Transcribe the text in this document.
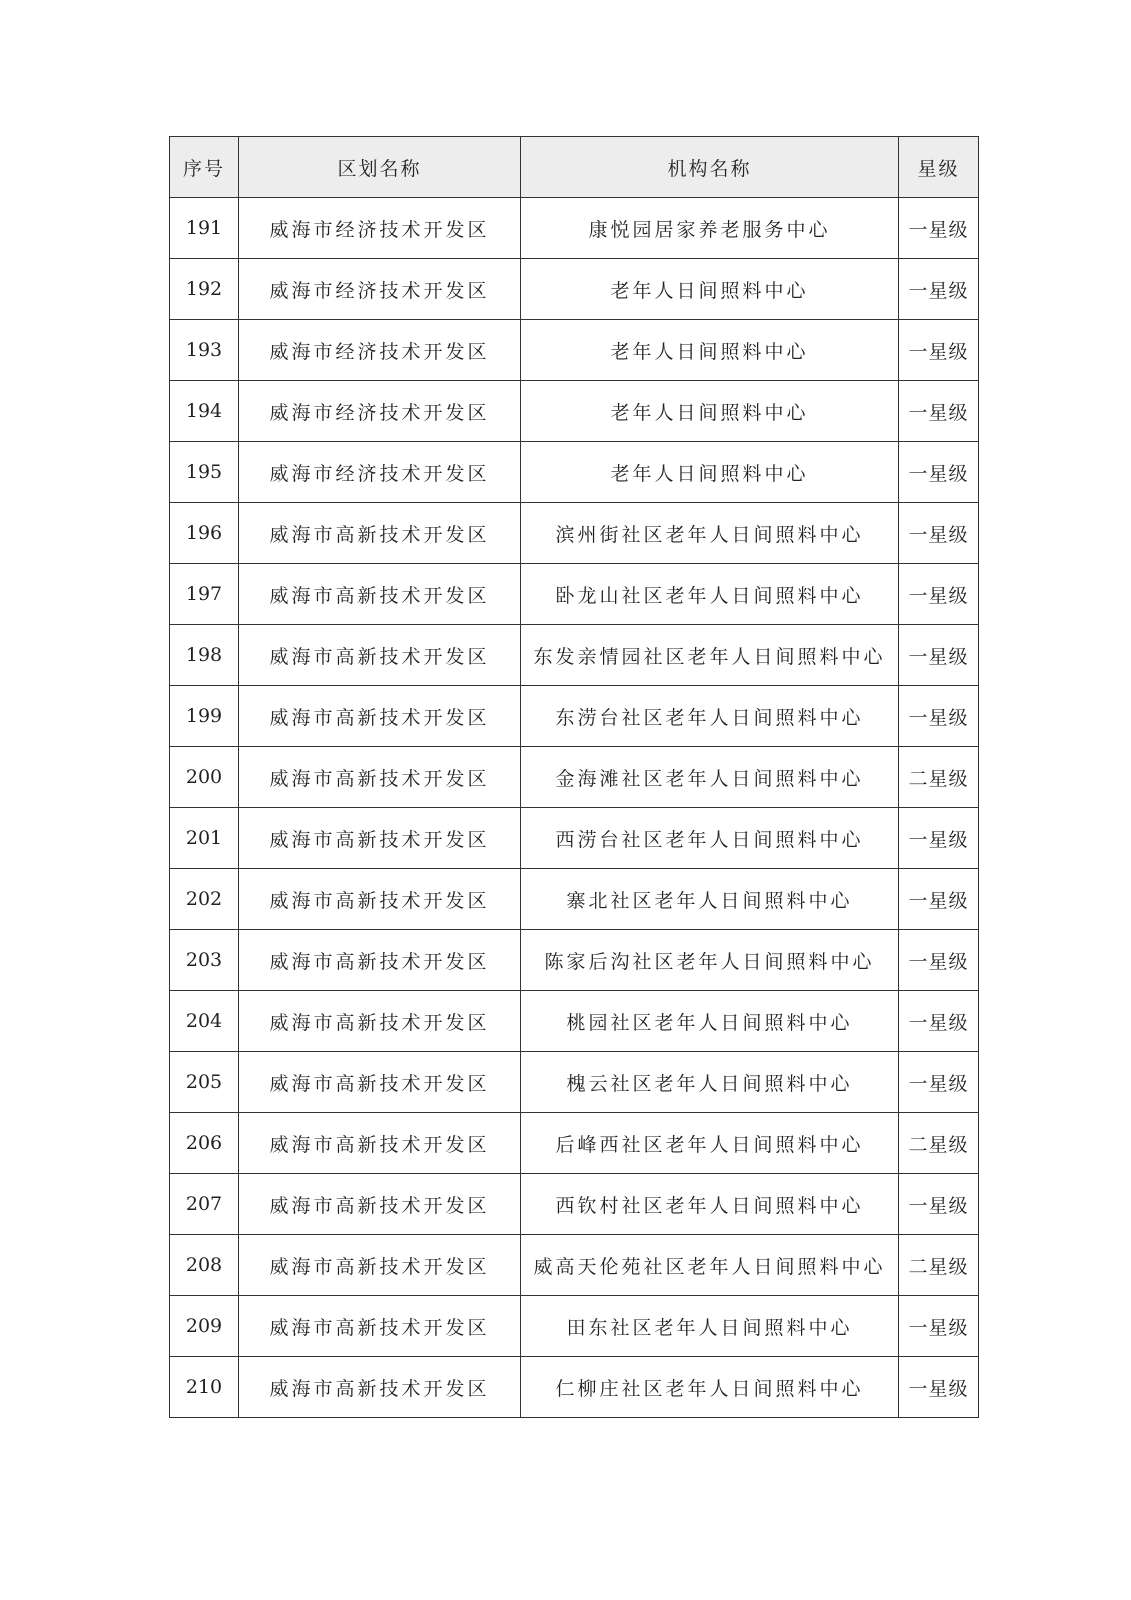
序号	区划名称	机构名称	星级
191	威海市经济技术开发区	康悦园居家养老服务中心	一星级
192	威海市经济技术开发区	老年人日间照料中心	一星级
193	威海市经济技术开发区	老年人日间照料中心	一星级
194	威海市经济技术开发区	老年人日间照料中心	一星级
195	威海市经济技术开发区	老年人日间照料中心	一星级
196	威海市高新技术开发区	滨州街社区老年人日间照料中心	一星级
197	威海市高新技术开发区	卧龙山社区老年人日间照料中心	一星级
198	威海市高新技术开发区	东发亲情园社区老年人日间照料中心	一星级
199	威海市高新技术开发区	东涝台社区老年人日间照料中心	一星级
200	威海市高新技术开发区	金海滩社区老年人日间照料中心	二星级
201	威海市高新技术开发区	西涝台社区老年人日间照料中心	一星级
202	威海市高新技术开发区	寨北社区老年人日间照料中心	一星级
203	威海市高新技术开发区	陈家后沟社区老年人日间照料中心	一星级
204	威海市高新技术开发区	桃园社区老年人日间照料中心	一星级
205	威海市高新技术开发区	槐云社区老年人日间照料中心	一星级
206	威海市高新技术开发区	后峰西社区老年人日间照料中心	二星级
207	威海市高新技术开发区	西钦村社区老年人日间照料中心	一星级
208	威海市高新技术开发区	威高天伦苑社区老年人日间照料中心	二星级
209	威海市高新技术开发区	田东社区老年人日间照料中心	一星级
210	威海市高新技术开发区	仁柳庄社区老年人日间照料中心	一星级
